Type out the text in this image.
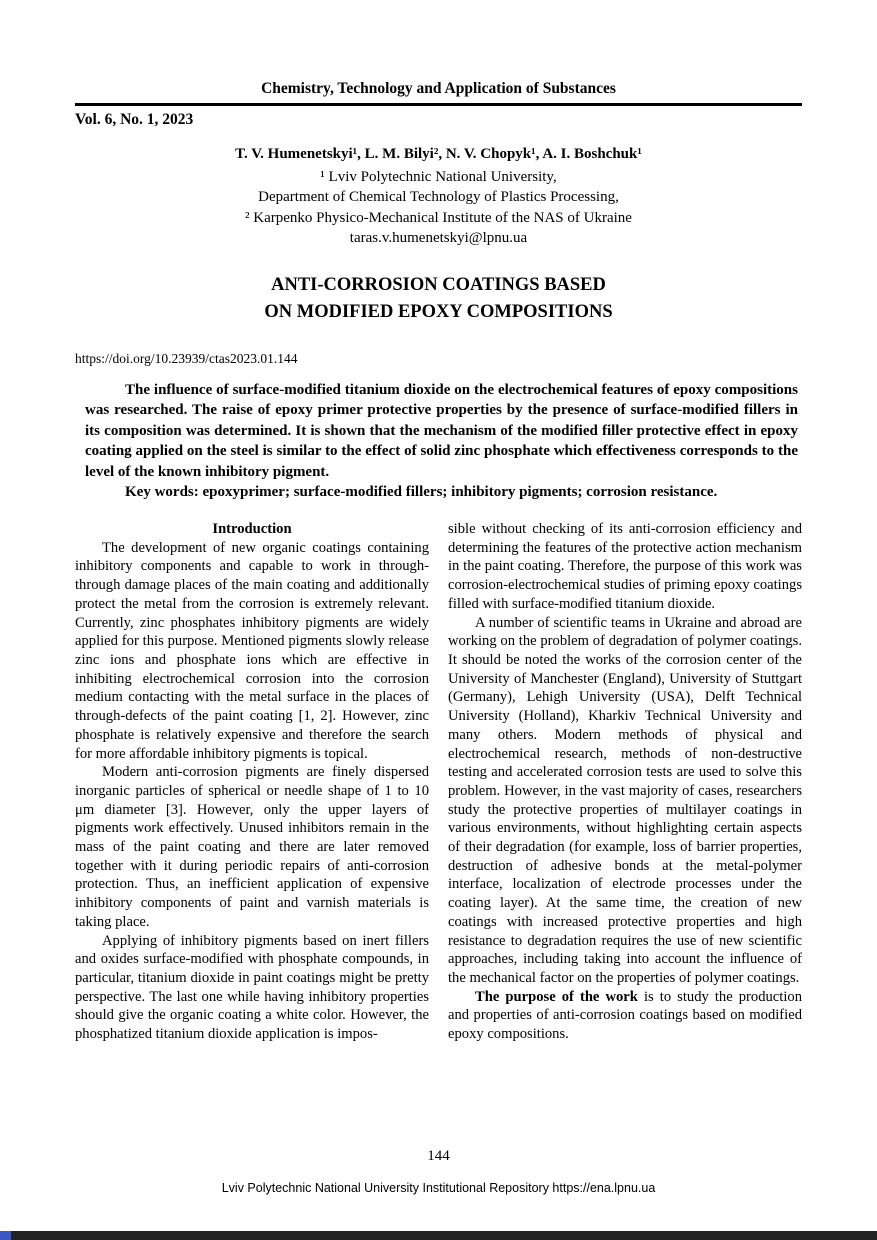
Chemistry, Technology and Application of Substances
Vol. 6, No. 1, 2023
T. V. Humenetskyi¹, L. M. Bilyi², N. V. Chopyk¹, A. I. Boshchuk¹
¹ Lviv Polytechnic National University,
Department of Chemical Technology of Plastics Processing,
² Karpenko Physico-Mechanical Institute of the NAS of Ukraine
taras.v.humenetskyi@lpnu.ua
ANTI-CORROSION COATINGS BASED
ON MODIFIED EPOXY COMPOSITIONS
https://doi.org/10.23939/ctas2023.01.144

The influence of surface-modified titanium dioxide on the electrochemical features of epoxy compositions was researched. The raise of epoxy primer protective properties by the presence of surface-modified fillers in its composition was determined. It is shown that the mechanism of the modified filler protective effect in epoxy coating applied on the steel is similar to the effect of solid zinc phosphate which effectiveness corresponds to the level of the known inhibitory pigment.

Key words: epoxyprimer; surface-modified fillers; inhibitory pigments; corrosion resistance.

Introduction

The development of new organic coatings containing inhibitory components and capable to work in through-through damage places of the main coating and additionally protect the metal from the corrosion is extremely relevant. Currently, zinc phosphates inhibitory pigments are widely applied for this purpose. Mentioned pigments slowly release zinc ions and phosphate ions which are effective in inhibiting electrochemical corrosion into the corrosion medium contacting with the metal surface in the places of through-defects of the paint coating [1, 2]. However, zinc phosphate is relatively expensive and therefore the search for more affordable inhibitory pigments is topical.

Modern anti-corrosion pigments are finely dispersed inorganic particles of spherical or needle shape of 1 to 10 μm diameter [3]. However, only the upper layers of pigments work effectively. Unused inhibitors remain in the mass of the paint coating and there are later removed together with it during periodic repairs of anti-corrosion protection. Thus, an inefficient application of expensive inhibitory components of paint and varnish materials is taking place.

Applying of inhibitory pigments based on inert fillers and oxides surface-modified with phosphate compounds, in particular, titanium dioxide in paint coatings might be pretty perspective. The last one while having inhibitory properties should give the organic coating a white color. However, the phosphatized titanium dioxide application is impos-

sible without checking of its anti-corrosion efficiency and determining the features of the protective action mechanism in the paint coating. Therefore, the purpose of this work was corrosion-electrochemical studies of priming epoxy coatings filled with surface-modified titanium dioxide.

A number of scientific teams in Ukraine and abroad are working on the problem of degradation of polymer coatings. It should be noted the works of the corrosion center of the University of Manchester (England), University of Stuttgart (Germany), Lehigh University (USA), Delft Technical University (Holland), Kharkiv Technical University and many others. Modern methods of physical and electrochemical research, methods of non-destructive testing and accelerated corrosion tests are used to solve this problem. However, in the vast majority of cases, researchers study the protective properties of multilayer coatings in various environments, without highlighting certain aspects of their degradation (for example, loss of barrier properties, destruction of adhesive bonds at the metal-polymer interface, localization of electrode processes under the coating layer). At the same time, the creation of new coatings with increased protective properties and high resistance to degradation requires the use of new scientific approaches, including taking into account the influence of the mechanical factor on the properties of polymer coatings.

The purpose of the work is to study the production and properties of anti-corrosion coatings based on modified epoxy compositions.

144
Lviv Polytechnic National University Institutional Repository https://ena.lpnu.ua
